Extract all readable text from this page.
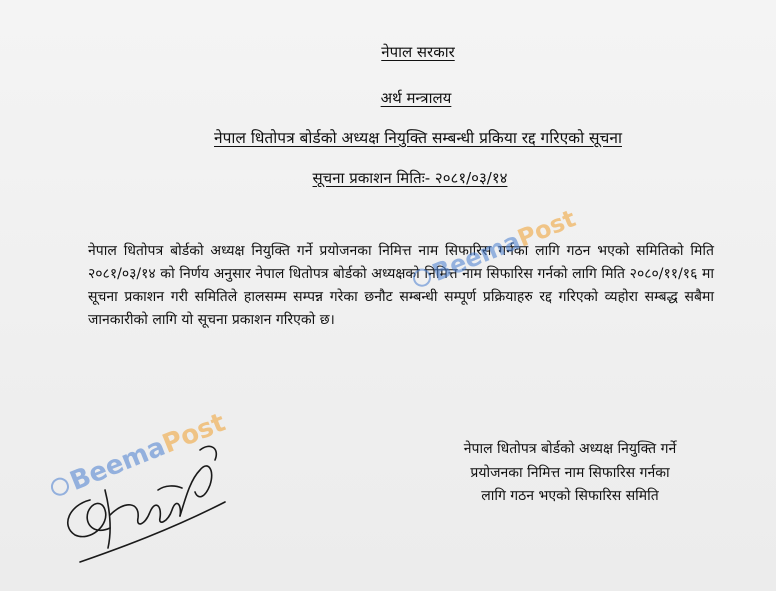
नेपाल सरकार
अर्थ मन्त्रालय
नेपाल धितोपत्र बोर्डको अध्यक्ष नियुक्ति सम्बन्धी प्रकिया रद्द गरिएको सूचना
सूचना प्रकाशन मितिः- २०८१/०३/१४
नेपाल धितोपत्र बोर्डको अध्यक्ष नियुक्ति गर्ने प्रयोजनका निमित्त नाम सिफारिस गर्नका लागि गठन भएको समितिको मिति २०८१/०३/१४ को निर्णय अनुसार नेपाल धितोपत्र बोर्डको अध्यक्षको निमित्त नाम सिफारिस गर्नको लागि मिति २०८०/११/१६ मा सूचना प्रकाशन गरी समितिले हालसम्म सम्पन्न गरेका छनौट सम्बन्धी सम्पूर्ण प्रक्रियाहरु रद्द गरिएको व्यहोरा सम्बद्ध सबैमा जानकारीको लागि यो सूचना प्रकाशन गरिएको छ।
नेपाल धितोपत्र बोर्डको अध्यक्ष नियुक्ति गर्ने
प्रयोजनका निमित्त नाम सिफारिस गर्नका
लागि गठन भएको सिफारिस समिति
BeemaPost
BeemaPost
